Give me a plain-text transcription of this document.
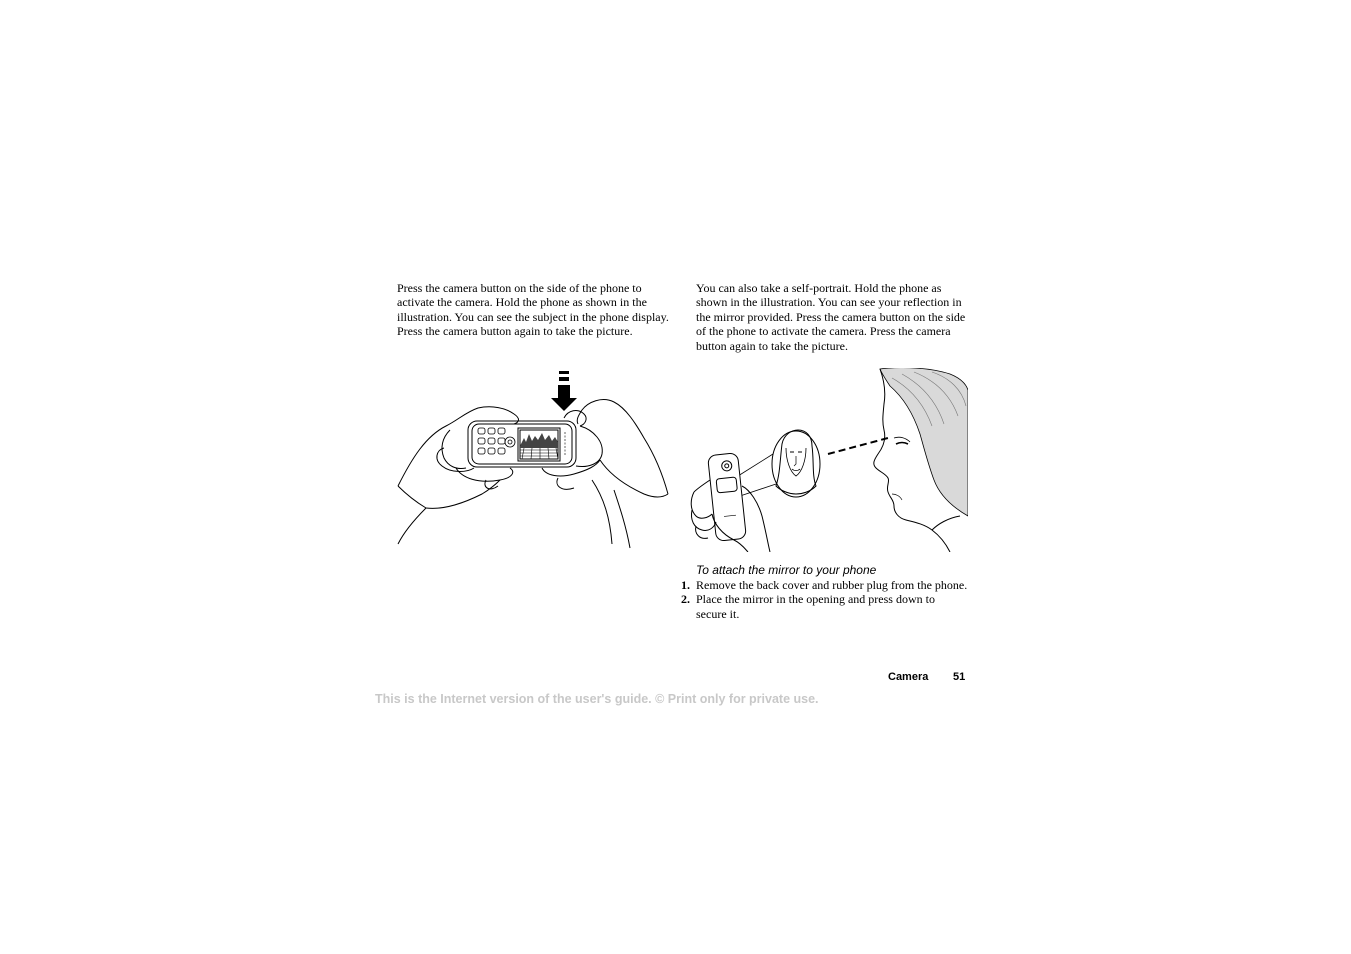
Press the camera button on the side of the phone to activate the camera. Hold the phone as shown in the illustration. You can see the subject in the phone display. Press the camera button again to take the picture.

You can also take a self-portrait. Hold the phone as shown in the illustration. You can see your reflection in the mirror provided. Press the camera button on the side of the phone to activate the camera. Press the camera button again to take the picture.

To attach the mirror to your phone

1. Remove the back cover and rubber plug from the phone.
2. Place the mirror in the opening and press down to secure it.
Camera 51
This is the Internet version of the user's guide. © Print only for private use.
